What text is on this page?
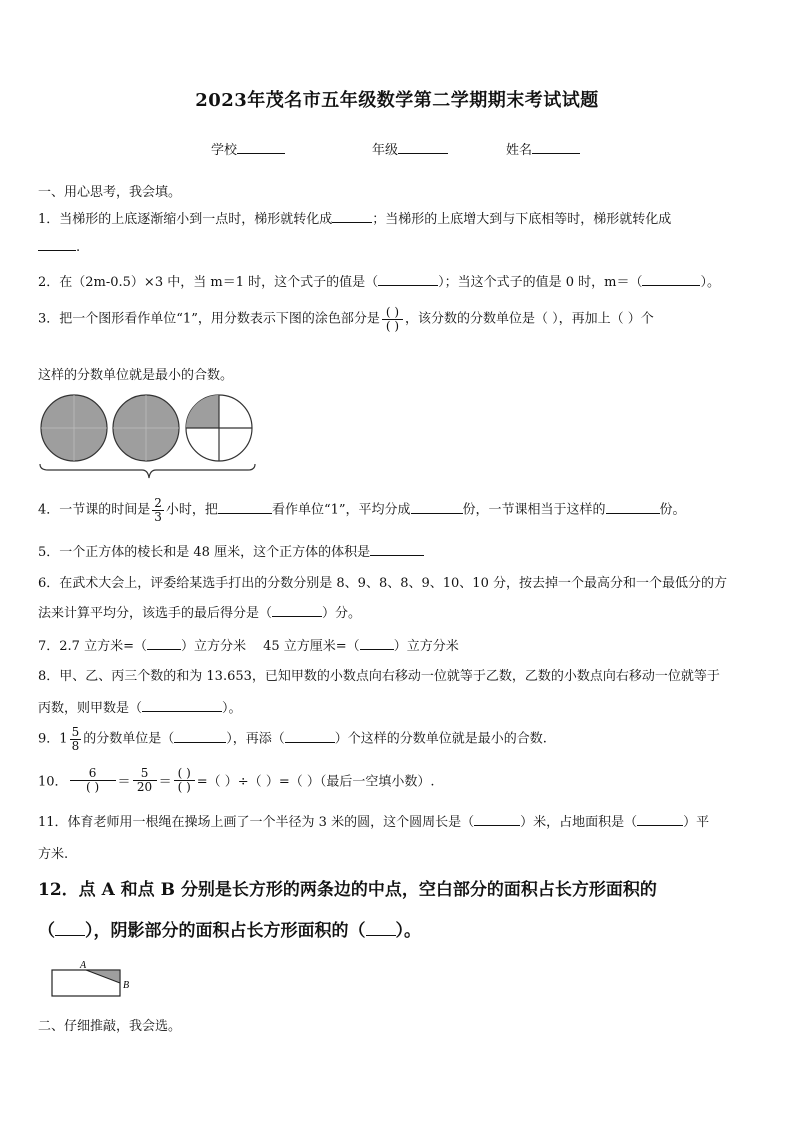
2023年茂名市五年级数学第二学期期末考试试题
学校	年级	姓名
一、用心思考，我会填。
1．当梯形的上底逐渐缩小到一点时，梯形就转化成	；当梯形的上底增大到与下底相等时，梯形就转化成
.
2．在（2m-0.5）×3 中，当 m＝1 时，这个式子的值是（	）；当这个式子的值是 0 时，m＝（	）。
3．把一个图形看作单位“1”，用分数表示下图的涂色部分是 $\frac{( )}{( )}$ ，该分数的分数单位是（ ），再加上（ ）个
这样的分数单位就是最小的合数。
4．一节课的时间是 $\frac{2}{3}$ 小时，把	看作单位“1”，平均分成	份，一节课相当于这样的	份。
5．一个正方体的棱长和是 48 厘米，这个正方体的体积是
6．在武术大会上，评委给某选手打出的分数分别是 8、9、8、8、9、10、10 分，按去掉一个最高分和一个最低分的方
法来计算平均分，该选手的最后得分是（	）分。
7．2.7 立方米=（	）立方分米　 45 立方厘米=（	）立方分米
8．甲、乙、丙三个数的和为 13.653，已知甲数的小数点向右移动一位就等于乙数，乙数的小数点向右移动一位就等于
丙数，则甲数是（	）。
9．$1 \frac{5}{8}$ 的分数单位是（	），再添（	）个这样的分数单位就是最小的合数.
10． $\frac{6}{( )} = \frac{5}{20} = \frac{( )}{( )}$ =（ ）÷（ ）=（ ）（最后一空填小数）.
11．体育老师用一根绳在操场上画了一个半径为 3 米的圆，这个圆周长是（	）米，占地面积是（	）平
方米.
12．点 A 和点 B 分别是长方形的两条边的中点，空白部分的面积占长方形面积的
（ ），阴影部分的面积占长方形面积的（ ）。
A
B
二、仔细推敲，我会选。
